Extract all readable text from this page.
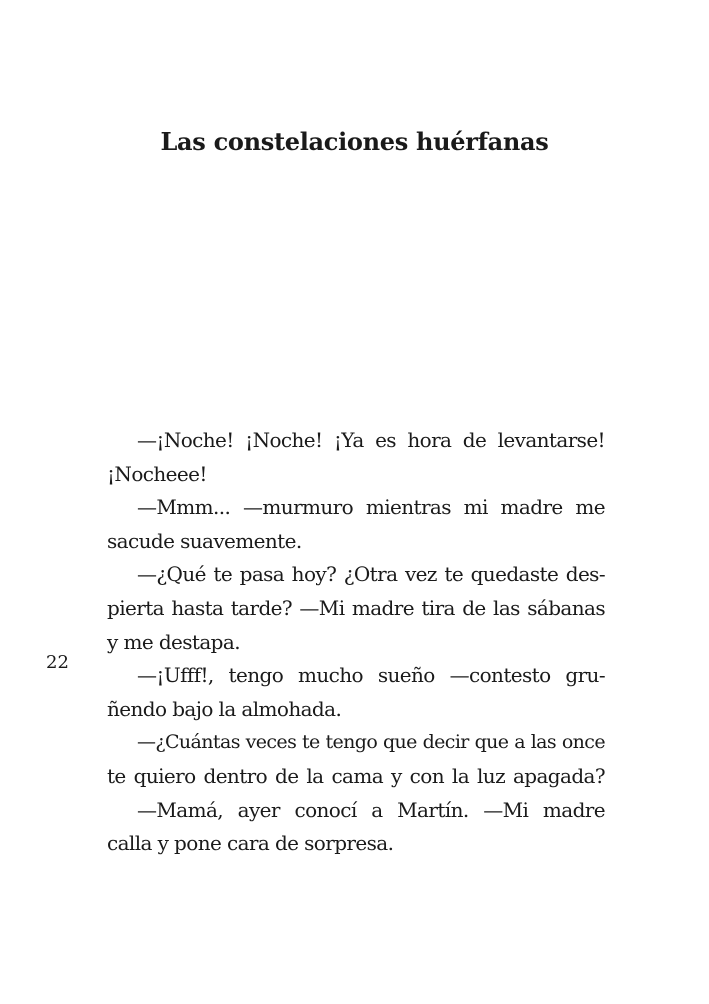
Las constelaciones huérfanas
—¡Noche! ¡Noche! ¡Ya es hora de levantarse!
¡Nocheee!
—Mmm... —murmuro mientras mi madre me
sacude suavemente.
—¿Qué te pasa hoy? ¿Otra vez te quedaste des-
pierta hasta tarde? —Mi madre tira de las sábanas
y me destapa.
—¡Ufff!, tengo mucho sueño —contesto gru-
ñendo bajo la almohada.
—¿Cuántas veces te tengo que decir que a las once
te quiero dentro de la cama y con la luz apagada?
—Mamá, ayer conocí a Martín. —Mi madre
calla y pone cara de sorpresa.
22
